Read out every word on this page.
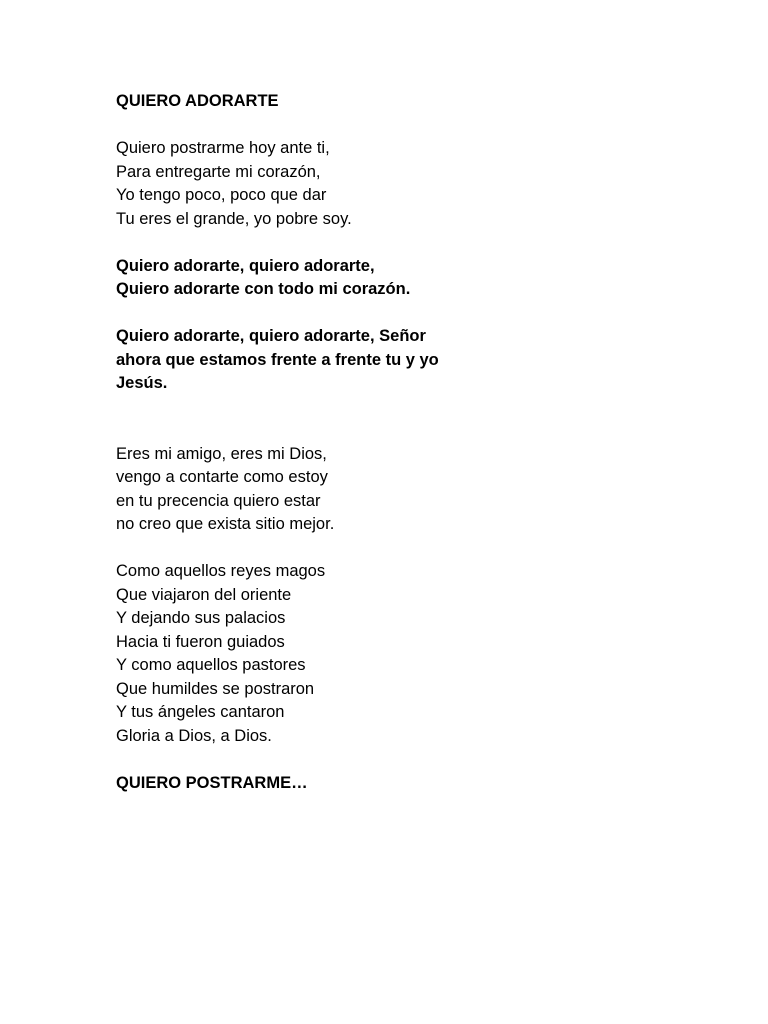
QUIERO ADORARTE

Quiero postrarme hoy ante ti,
Para entregarte mi corazón,
Yo tengo poco, poco que dar
Tu eres el grande, yo pobre soy.
Quiero adorarte, quiero adorarte,
Quiero adorarte con todo mi corazón.
Quiero adorarte, quiero adorarte, Señor
ahora que estamos frente a frente tu y yo
Jesús.
Eres mi amigo, eres mi Dios,
vengo a contarte como estoy
en tu precencia quiero estar
no creo que exista sitio mejor.
Como aquellos reyes magos
Que viajaron del oriente
Y dejando sus palacios
Hacia ti fueron guiados
Y como aquellos pastores
Que humildes se postraron
Y tus ángeles cantaron
Gloria a Dios, a Dios.

QUIERO POSTRARME…
